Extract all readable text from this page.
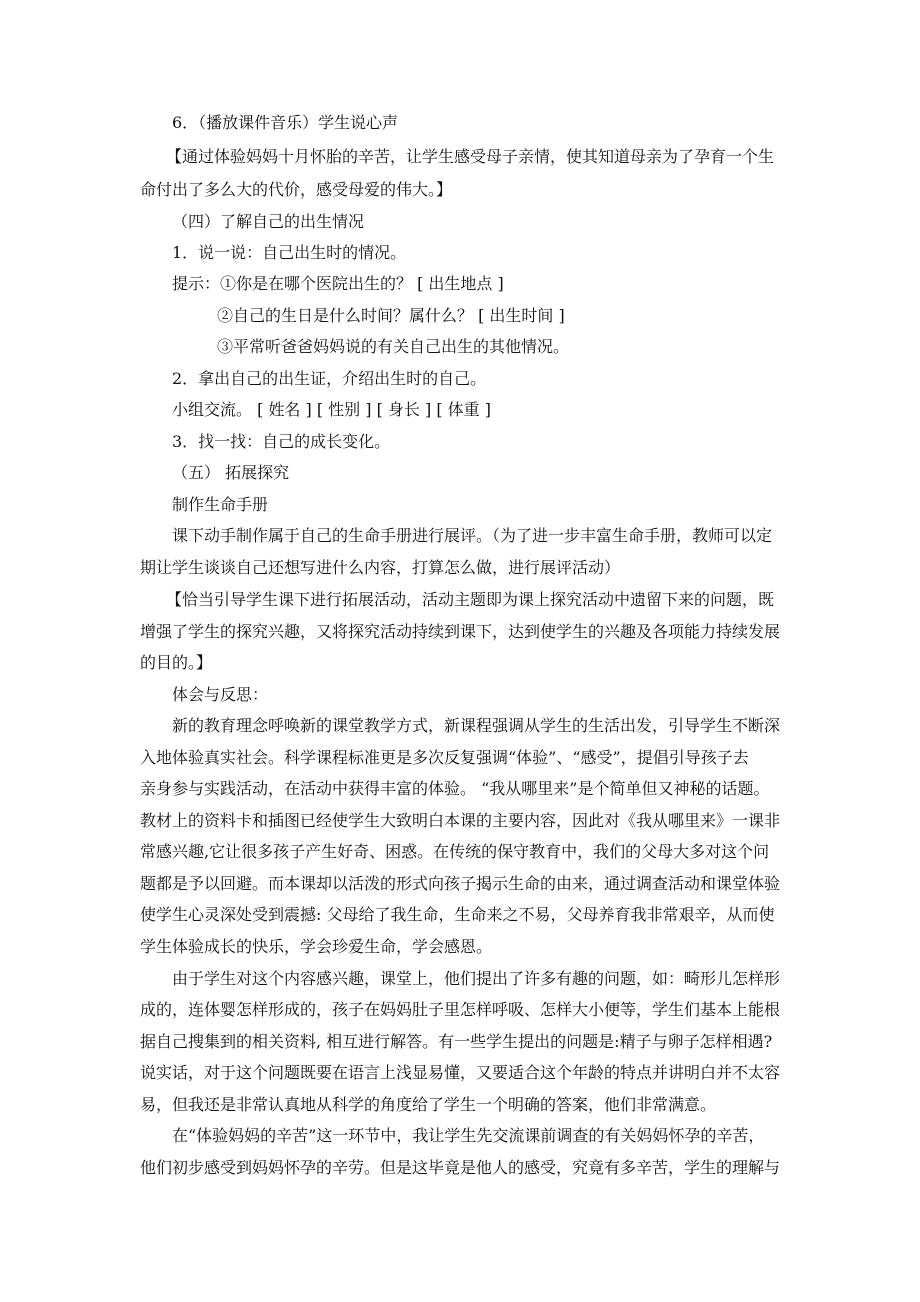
6．（播放课件音乐）学生说心声
【通过体验妈妈十月怀胎的辛苦，让学生感受母子亲情，使其知道母亲为了孕育一个生
命付出了多么大的代价，感受母爱的伟大。】
（四）了解自己的出生情况
1．说一说：自己出生时的情况。
提示：①你是在哪个医院出生的？ [ 出生地点 ]
②自己的生日是什么时间？属什么？ [ 出生时间 ]
③平常听爸爸妈妈说的有关自己出生的其他情况。
2．拿出自己的出生证，介绍出生时的自己。
小组交流。 [ 姓名 ] [ 性别 ] [ 身长 ] [ 体重 ]
3．找一找：自己的成长变化。
（五） 拓展探究
制作生命手册
课下动手制作属于自己的生命手册进行展评。（为了进一步丰富生命手册，教师可以定
期让学生谈谈自己还想写进什么内容，打算怎么做，进行展评活动）
【恰当引导学生课下进行拓展活动，活动主题即为课上探究活动中遗留下来的问题，既
增强了学生的探究兴趣，又将探究活动持续到课下，达到使学生的兴趣及各项能力持续发展
的目的。】
体会与反思：
新的教育理念呼唤新的课堂教学方式，新课程强调从学生的生活出发，引导学生不断深
入地体验真实社会。科学课程标准更是多次反复强调“体验”、“感受”，提倡引导孩子去
亲身参与实践活动，在活动中获得丰富的体验。 “我从哪里来”是个简单但又神秘的话题。
教材上的资料卡和插图已经使学生大致明白本课的主要内容，因此对《我从哪里来》一课非
常感兴趣,它让很多孩子产生好奇、困惑。在传统的保守教育中，我们的父母大多对这个问
题都是予以回避。而本课却以活泼的形式向孩子揭示生命的由来，通过调查活动和课堂体验
使学生心灵深处受到震撼: 父母给了我生命，生命来之不易，父母养育我非常艰辛，从而使
学生体验成长的快乐，学会珍爱生命，学会感恩。
由于学生对这个内容感兴趣，课堂上，他们提出了许多有趣的问题，如：畸形儿怎样形
成的，连体婴怎样形成的，孩子在妈妈肚子里怎样呼吸、怎样大小便等，学生们基本上能根
据自己搜集到的相关资料, 相互进行解答。有一些学生提出的问题是:精子与卵子怎样相遇?
说实话，对于这个问题既要在语言上浅显易懂，又要适合这个年龄的特点并讲明白并不太容
易，但我还是非常认真地从科学的角度给了学生一个明确的答案，他们非常满意。
在“体验妈妈的辛苦”这一环节中，我让学生先交流课前调查的有关妈妈怀孕的辛苦，
他们初步感受到妈妈怀孕的辛劳。但是这毕竟是他人的感受，究竟有多辛苦，学生的理解与
